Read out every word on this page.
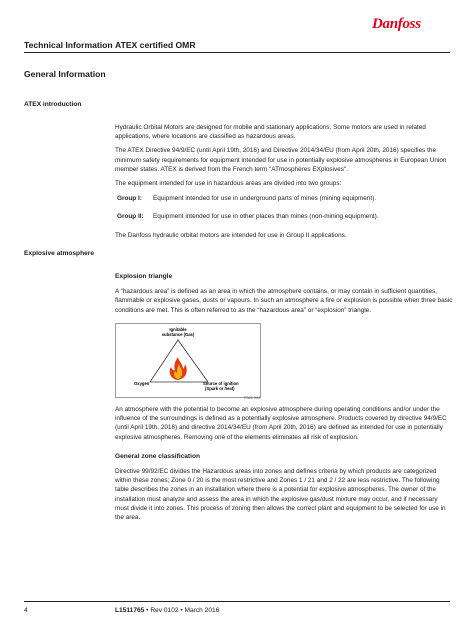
Danfoss
Technical Information ATEX certified OMR
General Information
ATEX introduction

Hydraulic Orbital Motors are designed for mobile and stationary applications. Some motors are used in related applications, where locations are classified as hazardous areas.

The ATEX Directive 94/9/EC (until April 19th, 2016) and Directive 2014/34/EU (from April 20th, 2016) specifies the minimum safety requirements for equipment intended for use in potentially explosive atmospheres in European Union member states. ATEX is derived from the French term "ATmosphères EXplosives".

The equipment intended for use in hazardous areas are divided into two groups:

Group I:	Equipment intended for use in underground parts of mines (mining equipment).
Group II:	Equipment intended for use in other places than mines (non-mining equipment).

The Danfoss hydraulic orbital motors are intended for use in Group II applications.

Explosive atmosphere

Explosion triangle

A “hazardous area” is defined as an area in which the atmosphere contains, or may contain in sufficient quantities, flammable or explosive gases, dusts or vapours. In such an atmosphere a fire or explosion is possible when three basic conditions are met. This is often referred to as the “hazardous area” or “explosion” triangle.

Ignitable
substance (Gas)
Oxygen	Source of ignition
(Spark or heat)
P301 904

An atmosphere with the potential to become an explosive atmosphere during operating conditions and/or under the influence of the surroundings is defined as a potentially explosive atmosphere. Products covered by directive 94/9/EC (until April 19th, 2016) and directive 2014/34/EU (from April 20th, 2016) are defined as intended for use in potentially explosive atmospheres. Removing one of the elements eliminates all risk of explosion.

General zone classification

Directive 99/92/EC divides the Hazardous areas into zones and defines criteria by which products are categorized within these zones; Zone 0 / 20 is the most restrictive and Zones 1 / 21 and 2 / 22 are less restrictive. The following table describes the zones in an installation where there is a potential for explosive atmospheres. The owner of the installation must analyze and assess the area in which the explosive gas/dust mixture may occur, and if necessary must divide it into zones. This process of zoning then allows the correct plant and equipment to be selected for use in the area.

4	L1511765 • Rev 0102 • March 2016
